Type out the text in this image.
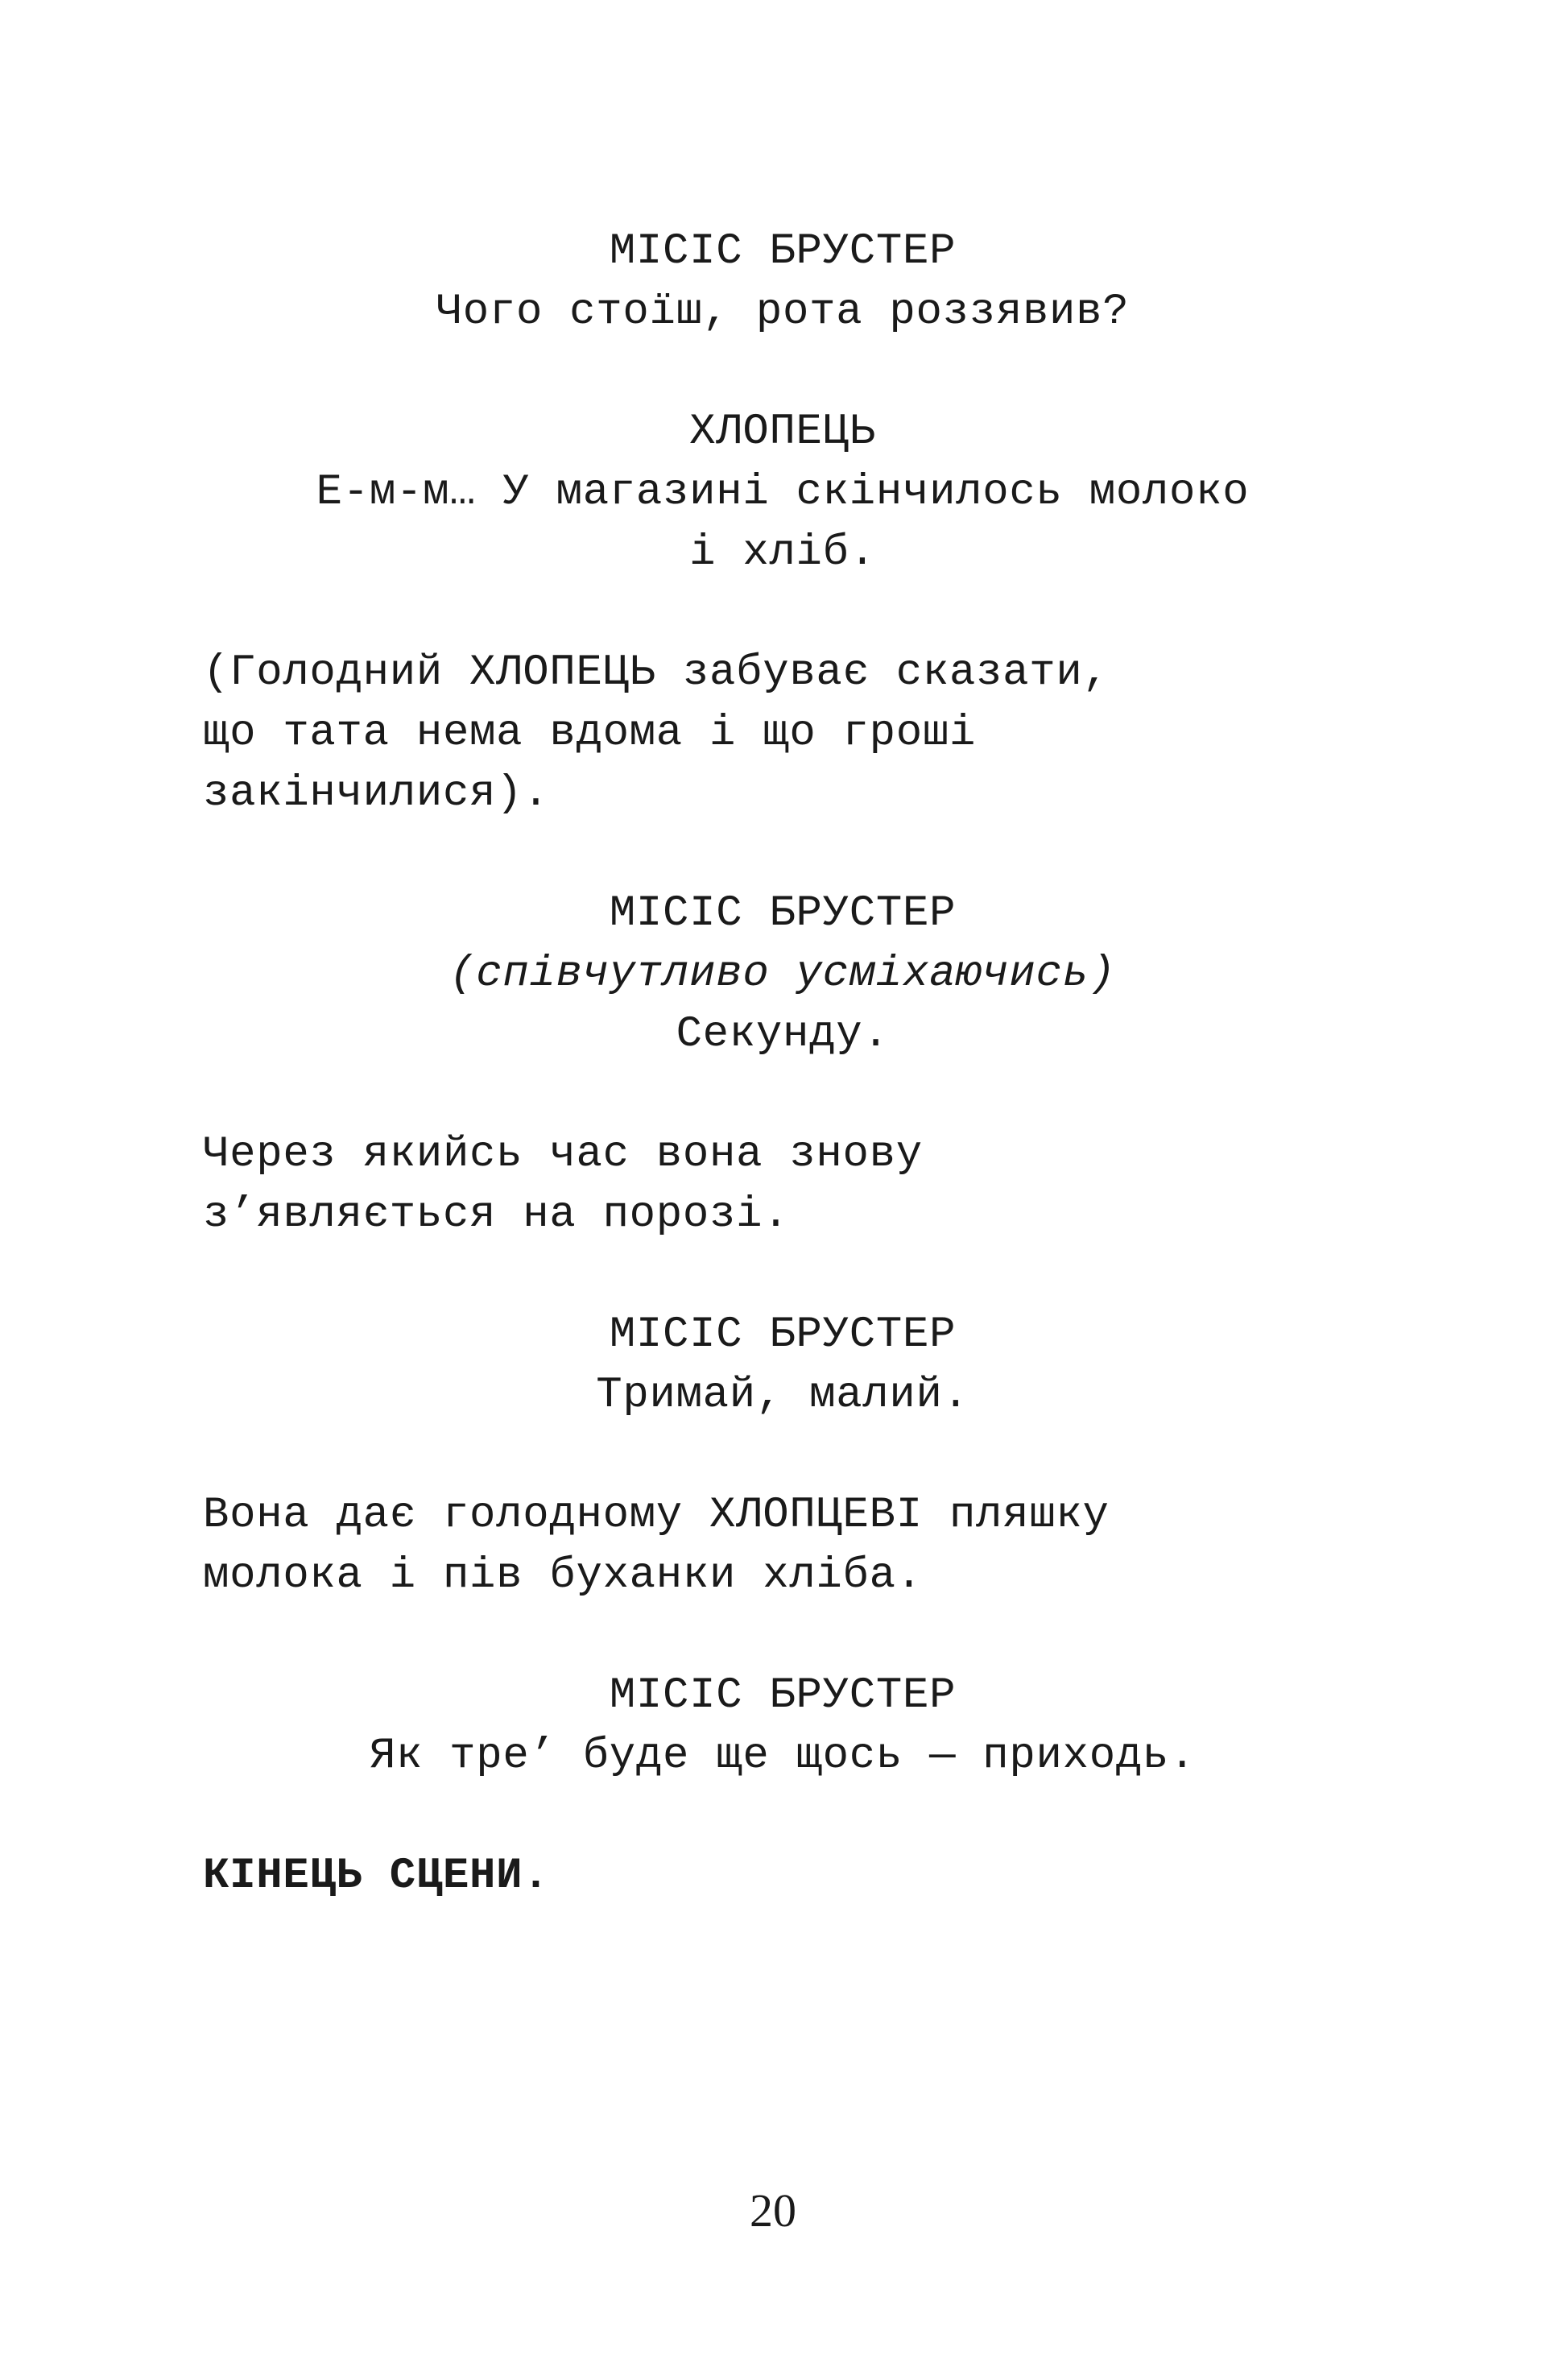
МІСІС БРУСТЕР
Чого стоїш, рота роззявив?
ХЛОПЕЦЬ
Е-м-м… У магазині скінчилось молоко
і хліб.
(Голодний ХЛОПЕЦЬ забуває сказати,
що тата нема вдома і що гроші
закінчилися).
МІСІС БРУСТЕР
(співчутливо усміхаючись)
Секунду.
Через якийсь час вона знову
з’являється на порозі.
МІСІС БРУСТЕР
Тримай, малий.
Вона дає голодному ХЛОПЦЕВІ пляшку
молока і пів буханки хліба.
МІСІС БРУСТЕР
Як тре’ буде ще щось — приходь.
КІНЕЦЬ СЦЕНИ.
20
